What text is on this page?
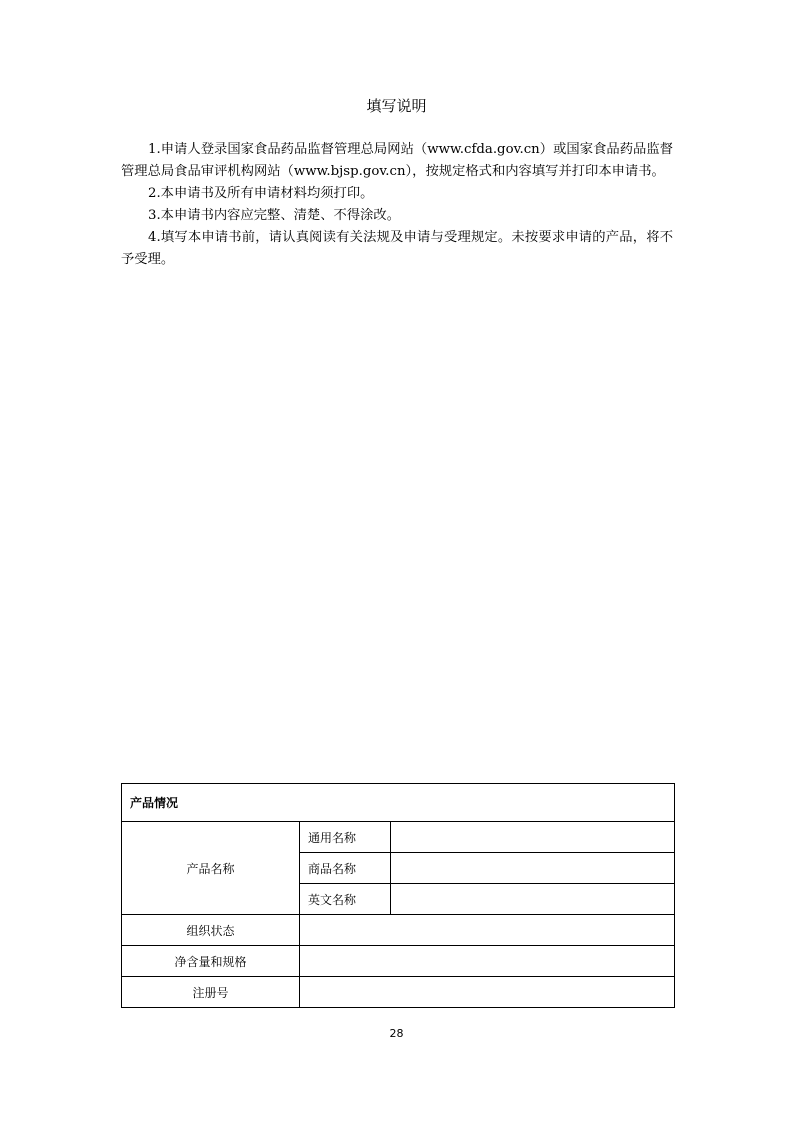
填写说明

1.申请人登录国家食品药品监督管理总局网站（www.cfda.gov.cn）或国家食品药品监督管理总局食品审评机构网站（www.bjsp.gov.cn），按规定格式和内容填写并打印本申请书。

2.本申请书及所有申请材料均须打印。

3.本申请书内容应完整、清楚、不得涂改。

4.填写本申请书前，请认真阅读有关法规及申请与受理规定。未按要求申请的产品，将不予受理。

产品情况		
产品名称	通用名称	
	商品名称	
	英文名称	
组织状态		
净含量和规格		
注册号		
28
